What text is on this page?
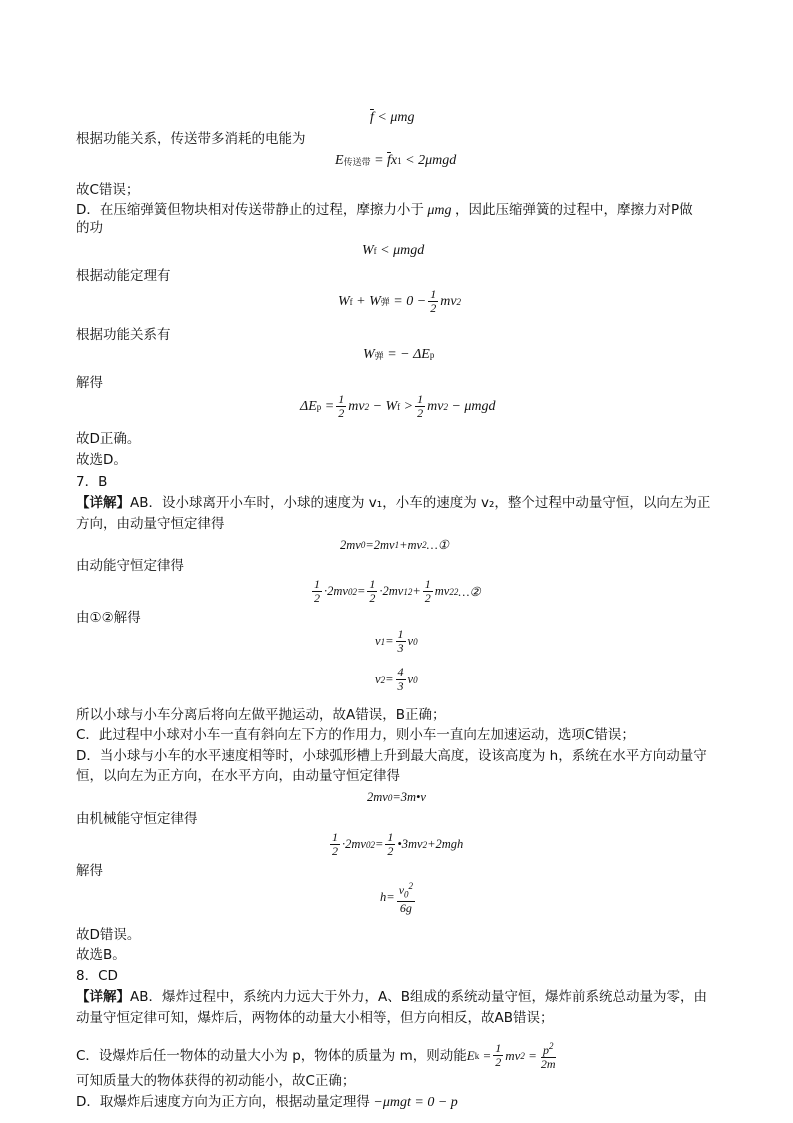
$\overline{f} < \mu mg$
根据功能关系，传送带多消耗的电能为
E 传送带 = $\overline{f}$ x 1 < 2μmgd
故C错误；
D．在压缩弹簧但物块相对传送带静止的过程，摩擦力小于 μmg ，因此压缩弹簧的过程中，摩擦力对P做
的功
W f < μmgd
根据动能定理有
W f + W 弹 = $0 - \frac{1}{2}$ mv 2
根据功能关系有
W 弹 = − ΔE p
解得
ΔE $p = \frac{1}{2}$ mv 2 − W $f > \frac{1}{2}$ mv 2 − μmgd
故D正确。
故选D。
7．B
【详解】AB．设小球离开小车时，小球的速度为 v₁，小车的速度为 v₂，整个过程中动量守恒，以向左为正
方向，由动量守恒定律得
2mv 0 =2mv 1 +mv 2 …①
由动能守恒定律得
$\frac{1}{2} \cdot 2mv$ 0 $2 = \frac{1}{2} \cdot 2mv$ 1 $2 + \frac{1}{2}$ mv 2 2 …②
由①②解得
v $1 = \frac{1}{3}$ v 0
v $2 = \frac{4}{3}$ v 0
所以小球与小车分离后将向左做平抛运动，故A错误，B正确；
C．此过程中小球对小车一直有斜向左下方的作用力，则小车一直向左加速运动，选项C错误；
D．当小球与小车的水平速度相等时，小球弧形槽上升到最大高度，设该高度为 h，系统在水平方向动量守
恒，以向左为正方向，在水平方向，由动量守恒定律得
2mv 0 =3m•v
由机械能守恒定律得
$\frac{1}{2} \cdot 2mv$ 0 $2 = \frac{1}{2}$ •3mv 2 +2mgh
解得
$h= \frac{v_0^2}{6g}$
故D错误。
故选B。
8．CD
【详解】AB．爆炸过程中，系统内力远大于外力，A、B组成的系统动量守恒，爆炸前系统总动量为零，由
动量守恒定律可知，爆炸后，两物体的动量大小相等，但方向相反，故AB错误；
C．设爆炸后任一物体的动量大小为 p，物体的质量为 m，则动能 E $k = \frac{1}{2}$ mv $2 = \frac{p^2}{2m}$
可知质量大的物体获得的初动能小，故C正确；
D．取爆炸后速度方向为正方向，根据动量定理得 −μmgt = 0 − p
